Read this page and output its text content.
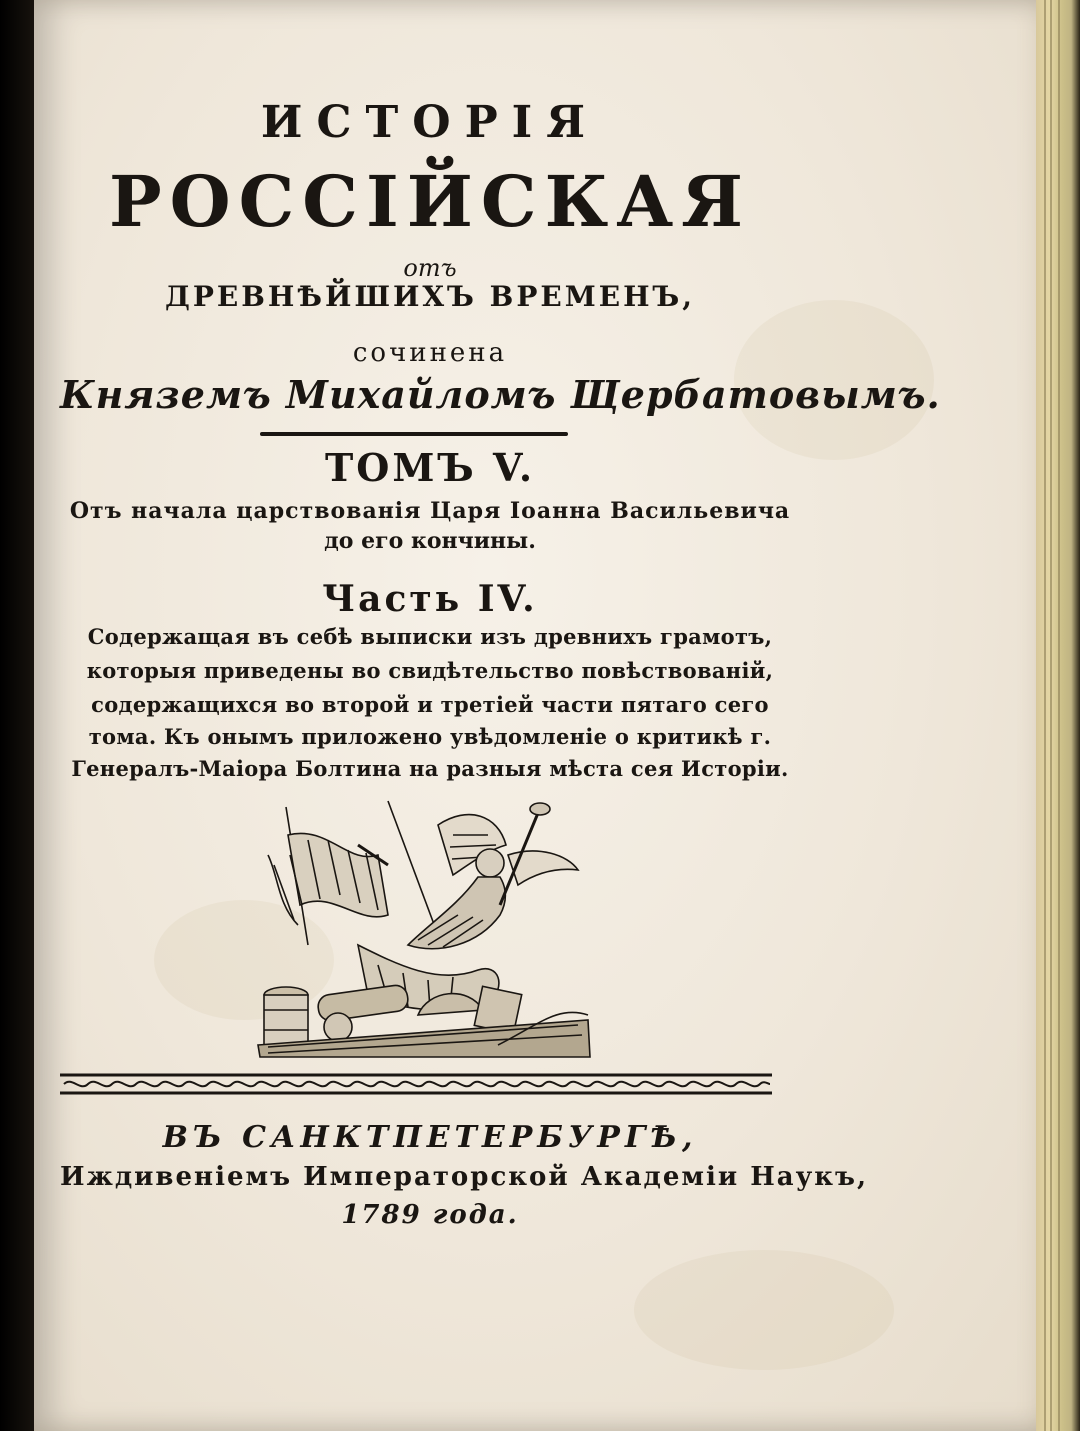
ИСТОРІЯ
РОССІЙСКАЯ
отъ
ДРЕВНѢЙШИХЪ ВРЕМЕНЪ,
сочинена
Княземъ Михайломъ Щербатовымъ.
ТОМЪ V.
Отъ начала царствованія Царя Іоанна Васильевича
до его кончины.
Часть IV.
Содержащая въ себѣ выписки изъ древнихъ грамотъ,
которыя приведены во свидѣтельство повѣствованій,
содержащихся во второй и третіей части пятаго сего
тома. Къ онымъ приложено увѣдомленіе о критикѣ г.
Генералъ-Маіора Болтина на разныя мѣста сея Исторіи.
ВЪ САНКТПЕТЕРБУРГѢ,
Иждивеніемъ Императорской Академіи Наукъ,
1789 года.
